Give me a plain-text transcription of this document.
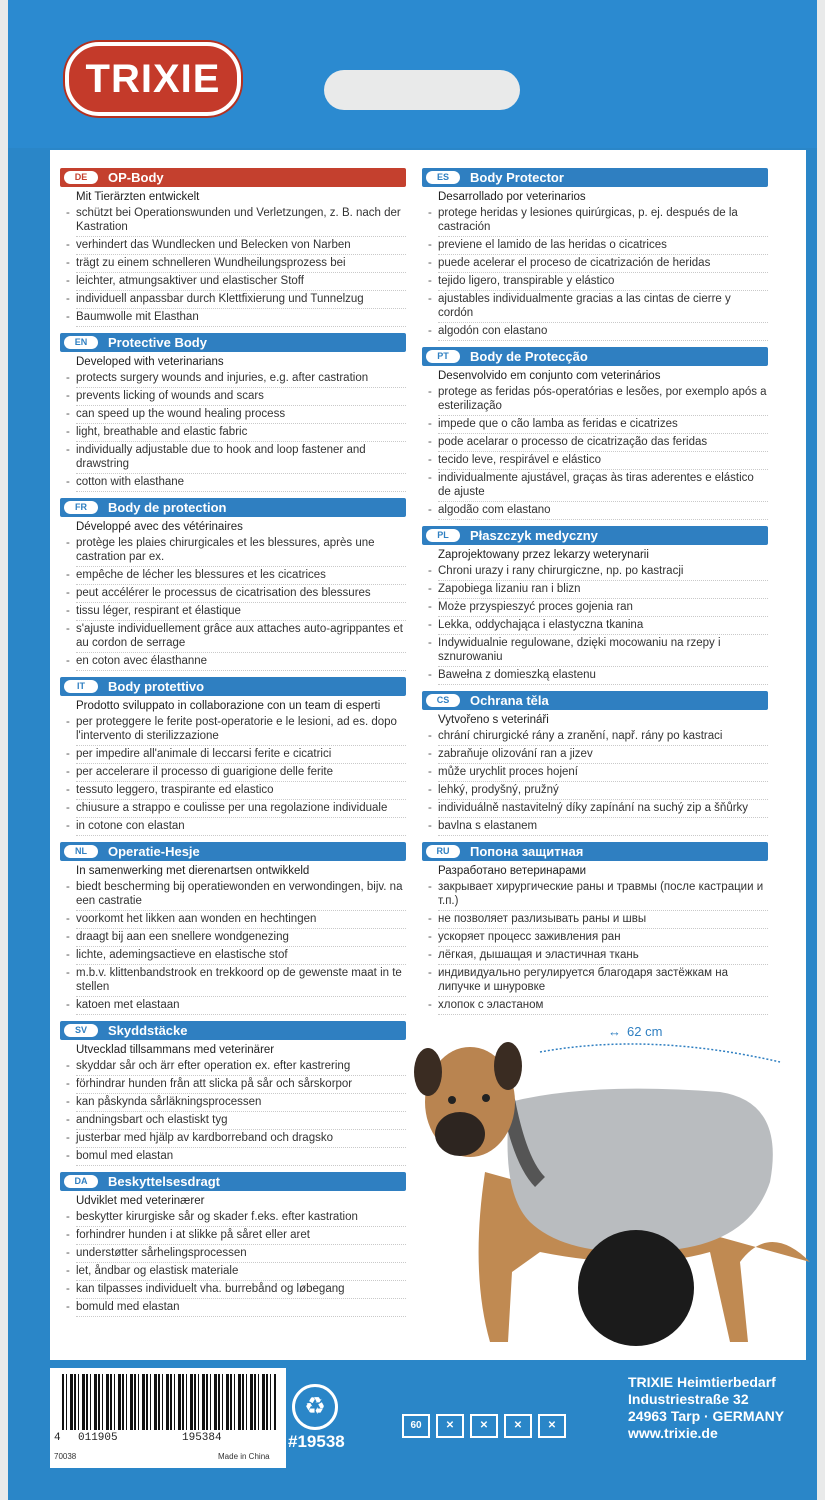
TRIXIE
DE	OP-Body
Mit Tierärzten entwickelt
- schützt bei Operationswunden und Verletzungen, z. B. nach der Kastration
- verhindert das Wundlecken und Belecken von Narben
- trägt zu einem schnelleren Wundheilungsprozess bei
- leichter, atmungsaktiver und elastischer Stoff
- individuell anpassbar durch Klettfixierung und Tunnelzug
- Baumwolle mit Elasthan
EN	Protective Body
Developed with veterinarians
- protects surgery wounds and injuries, e.g. after castration
- prevents licking of wounds and scars
- can speed up the wound healing process
- light, breathable and elastic fabric
- individually adjustable due to hook and loop fastener and drawstring
- cotton with elasthane
FR	Body de protection
Développé avec des vétérinaires
- protège les plaies chirurgicales et les blessures, après une castration par ex.
- empêche de lécher les blessures et les cicatrices
- peut accélérer le processus de cicatrisation des blessures
- tissu léger, respirant et élastique
- s'ajuste individuellement grâce aux attaches auto-agrippantes et au cordon de serrage
- en coton avec élasthanne
IT	Body protettivo
Prodotto sviluppato in collaborazione con un team di esperti
- per proteggere le ferite post-operatorie e le lesioni, ad es. dopo l'intervento di sterilizzazione
- per impedire all'animale di leccarsi ferite e cicatrici
- per accelerare il processo di guarigione delle ferite
- tessuto leggero, traspirante ed elastico
- chiusure a strappo e coulisse per una regolazione individuale
- in cotone con elastan
NL	Operatie-Hesje
In samenwerking met dierenartsen ontwikkeld
- biedt bescherming bij operatiewonden en verwondingen, bijv. na een castratie
- voorkomt het likken aan wonden en hechtingen
- draagt bij aan een snellere wondgenezing
- lichte, ademingsactieve en elastische stof
- m.b.v. klittenbandstrook en trekkoord op de gewenste maat in te stellen
- katoen met elastaan
SV	Skyddstäcke
Utvecklad tillsammans med veterinärer
- skyddar sår och ärr efter operation ex. efter kastrering
- förhindrar hunden från att slicka på sår och sårskorpor
- kan påskynda sårläkningsprocessen
- andningsbart och elastiskt tyg
- justerbar med hjälp av kardborreband och dragsko
- bomul med elastan
DA	Beskyttelsesdragt
Udviklet med veterinærer
- beskytter kirurgiske sår og skader f.eks. efter kastration
- forhindrer hunden i at slikke på såret eller aret
- understøtter sårhelingsprocessen
- let, åndbar og elastisk materiale
- kan tilpasses individuelt vha. burrebånd og løbegang
- bomuld med elastan
ES	Body Protector
Desarrollado por veterinarios
- protege heridas y lesiones quirúrgicas, p. ej. después de la castración
- previene el lamido de las heridas o cicatrices
- puede acelerar el proceso de cicatrización de heridas
- tejido ligero, transpirable y elástico
- ajustables individualmente gracias a las cintas de cierre y cordón
- algodón con elastano
PT	Body de Protecção
Desenvolvido em conjunto com veterinários
- protege as feridas pós-operatórias e lesões, por exemplo após a esterilização
- impede que o cão lamba as feridas e cicatrizes
- pode acelarar o processo de cicatrização das feridas
- tecido leve, respirável e elástico
- individualmente ajustável, graças às tiras aderentes e elástico de ajuste
- algodão com elastano
PL	Płaszczyk medyczny
Zaprojektowany przez lekarzy weterynarii
- Chroni urazy i rany chirurgiczne, np. po kastracji
- Zapobiega lizaniu ran i blizn
- Może przyspieszyć proces gojenia ran
- Lekka, oddychająca i elastyczna tkanina
- Indywidualnie regulowane, dzięki mocowaniu na rzepy i sznurowaniu
- Bawełna z domieszką elastenu
CS	Ochrana těla
Vytvořeno s veterináři
- chrání chirurgické rány a zranění, např. rány po kastraci
- zabraňuje olizování ran a jizev
- může urychlit proces hojení
- lehký, prodyšný, pružný
- individuálně nastavitelný díky zapínání na suchý zip a šňůrky
- bavlna s elastanem
RU	Попона защитная
Разработано ветеринарами
- закрывает хирургические раны и травмы (после кастрации и т.п.)
- не позволяет разлизывать раны и швы
- ускоряет процесс заживления ран
- лёгкая, дышащая и эластичная ткань
- индивидуально регулируется благодаря застёжкам на липучке и шнуровке
- хлопок с эластаном
↔ 62 cm
4 011905	195384
70038	Made in China
♻
#19538
60 ✕	✕	✕	✕
TRIXIE Heimtierbedarf
Industriestraße 32
24963 Tarp · GERMANY
www.trixie.de
